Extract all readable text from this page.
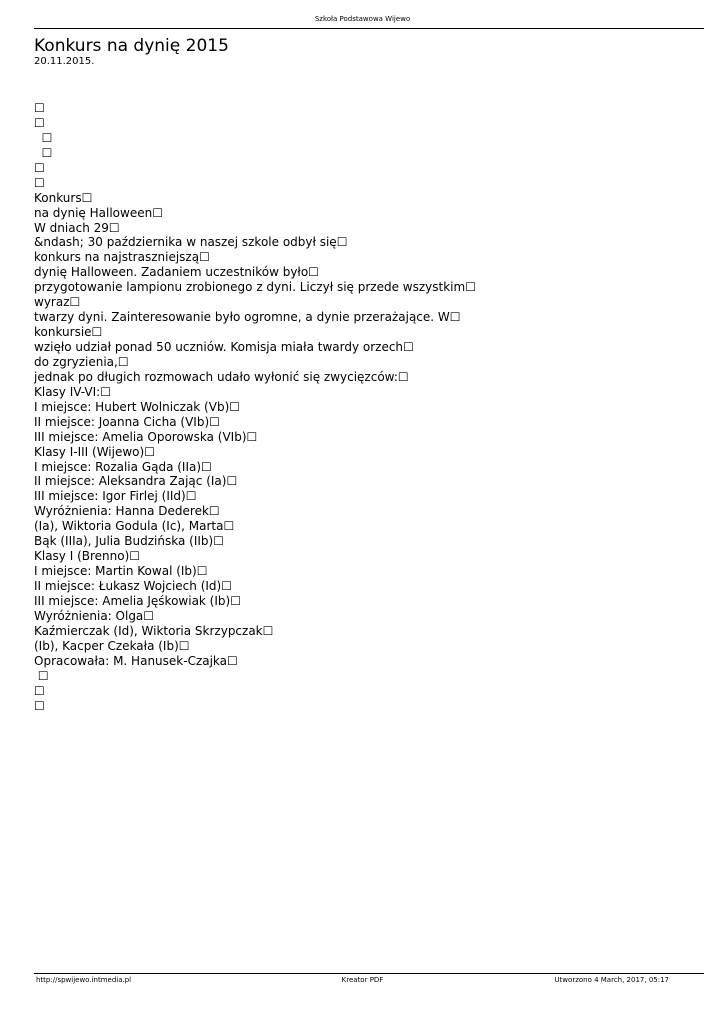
Szkoła Podstawowa Wijewo
Konkurs na dynię 2015
20.11.2015.
☐
☐
☐
☐
☐
☐
Konkurs☐
na dynię Halloween☐
W dniach 29☐
&ndash; 30 października w naszej szkole odbył się☐
konkurs na najstraszniejszą☐
dynię Halloween. Zadaniem uczestników było☐
przygotowanie lampionu zrobionego z dyni. Liczył się przede wszystkim☐
wyraz☐
twarzy dyni. Zainteresowanie było ogromne, a dynie przerażające. W☐
konkursie☐
wzięło udział ponad 50 uczniów. Komisja miała twardy orzech☐
do zgryzienia,☐
jednak po długich rozmowach udało wyłonić się zwycięzców:☐
Klasy IV-VI:☐
I miejsce: Hubert Wolniczak (Vb)☐
II miejsce: Joanna Cicha (VIb)☐
III miejsce: Amelia Oporowska (VIb)☐
Klasy I-III (Wijewo)☐
I miejsce: Rozalia Gąda (IIa)☐
II miejsce: Aleksandra Zając (Ia)☐
III miejsce: Igor Firlej (IId)☐
Wyróżnienia: Hanna Dederek☐
(Ia), Wiktoria Godula (Ic), Marta☐
Bąk (IIIa), Julia Budzińska (IIb)☐
Klasy I (Brenno)☐
I miejsce: Martin Kowal (Ib)☐
II miejsce: Łukasz Wojciech (Id)☐
III miejsce: Amelia Jęśkowiak (Ib)☐
Wyróżnienia: Olga☐
Kaźmierczak (Id), Wiktoria Skrzypczak☐
(Ib), Kacper Czekała (Ib)☐
Opracowała: M. Hanusek-Czajka☐
☐
☐
☐
http://spwijewo.intmedia.pl	Kreator PDF	Utworzono 4 March, 2017, 05:17
